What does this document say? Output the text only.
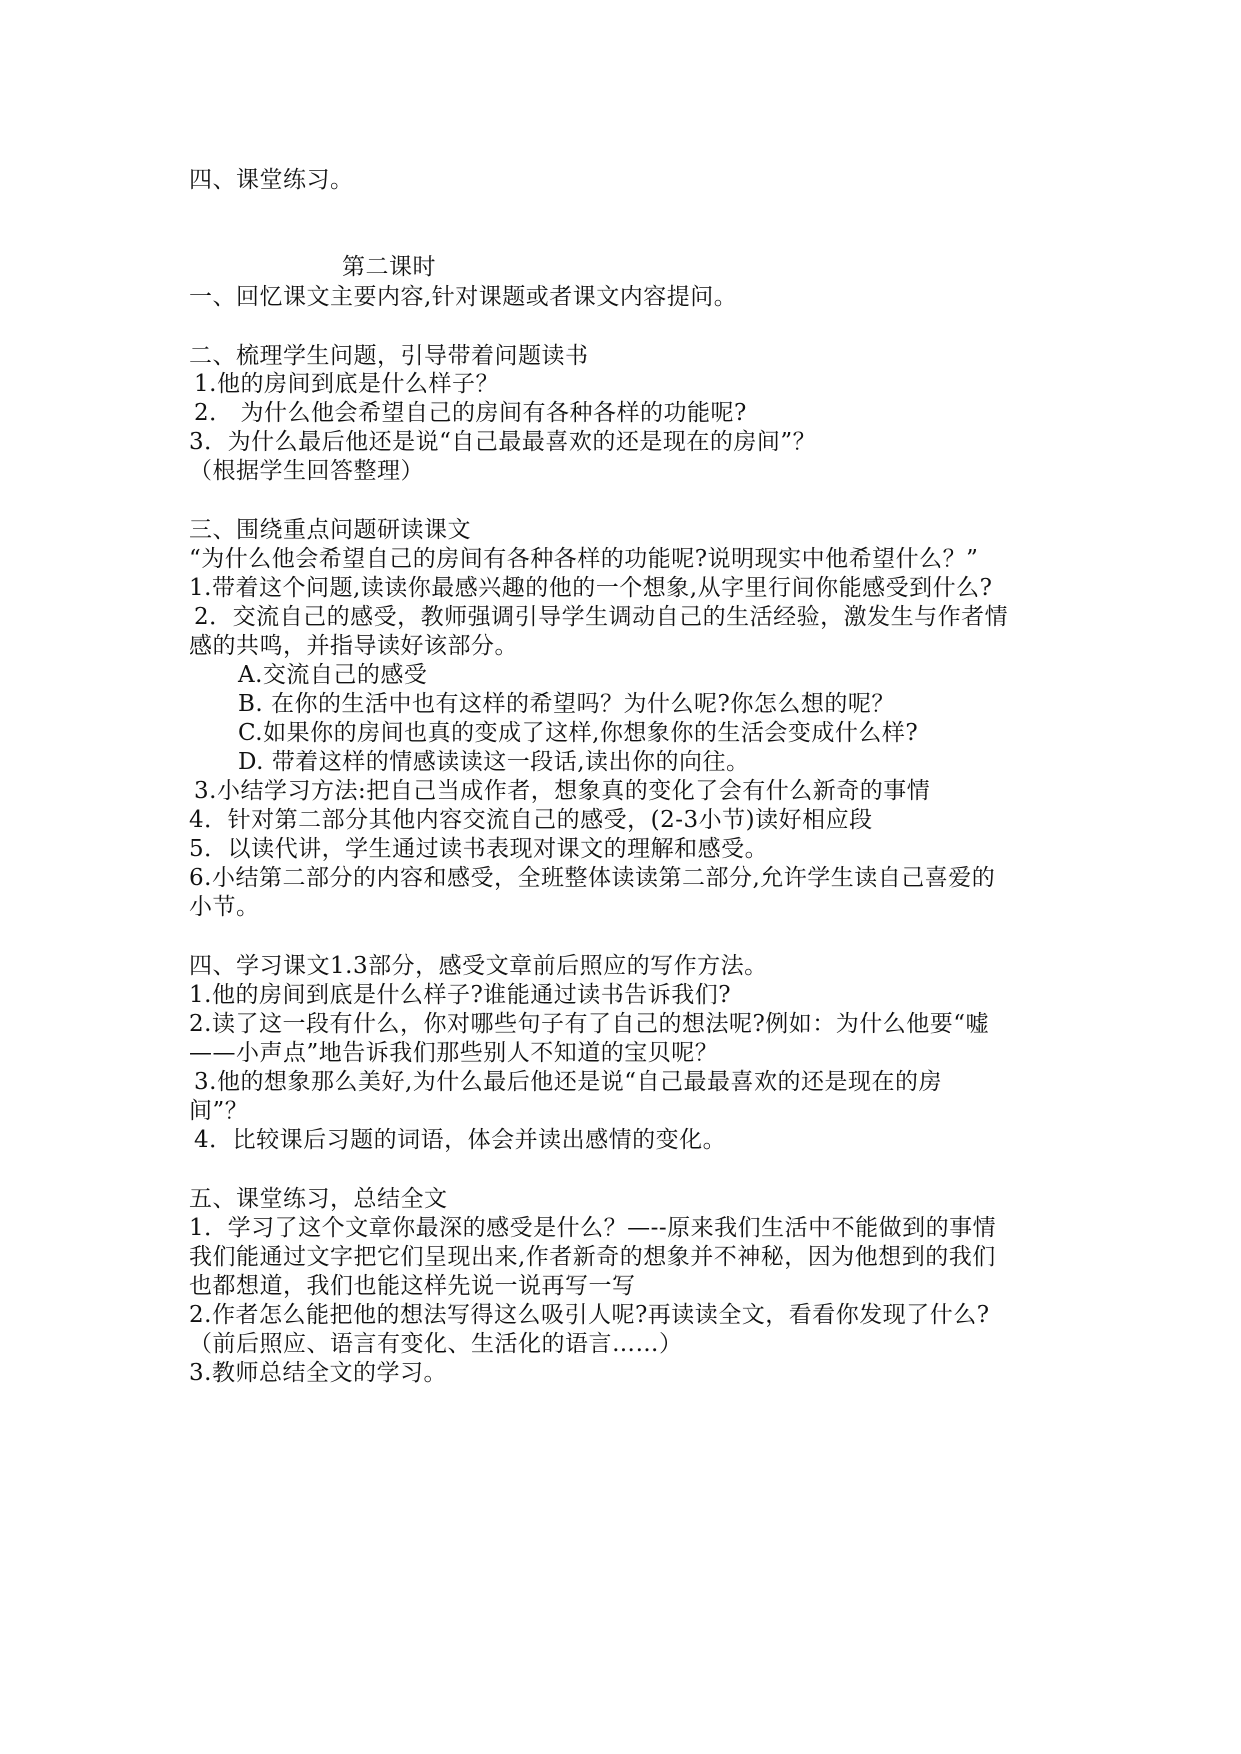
四、课堂练习。

第二课时

一、回忆课文主要内容,针对课题或者课文内容提问。

二、梳理学生问题，引导带着问题读书

1.他的房间到底是什么样子？

2． 为什么他会希望自己的房间有各种各样的功能呢?

3．为什么最后他还是说“自己最最喜欢的还是现在的房间”？

（根据学生回答整理）

三、围绕重点问题研读课文

“为什么他会希望自己的房间有各种各样的功能呢?说明现实中他希望什么？”

1.带着这个问题,读读你最感兴趣的他的一个想象,从字里行间你能感受到什么?

2．交流自己的感受，教师强调引导学生调动自己的生活经验，激发生与作者情

感的共鸣，并指导读好该部分。

A.交流自己的感受

B. 在你的生活中也有这样的希望吗？为什么呢?你怎么想的呢？

C.如果你的房间也真的变成了这样,你想象你的生活会变成什么样?

D. 带着这样的情感读读这一段话,读出你的向往。

3.小结学习方法:把自己当成作者，想象真的变化了会有什么新奇的事情

4．针对第二部分其他内容交流自己的感受，(2-3小节)读好相应段

5．以读代讲，学生通过读书表现对课文的理解和感受。

6.小结第二部分的内容和感受，全班整体读读第二部分,允许学生读自己喜爱的

小节。

四、学习课文1.3部分，感受文章前后照应的写作方法。

1.他的房间到底是什么样子?谁能通过读书告诉我们?

2.读了这一段有什么，你对哪些句子有了自己的想法呢?例如：为什么他要“嘘

——小声点”地告诉我们那些别人不知道的宝贝呢？

3.他的想象那么美好,为什么最后他还是说“自己最最喜欢的还是现在的房

间”？

4．比较课后习题的词语，体会并读出感情的变化。

五、课堂练习，总结全文

1．学习了这个文章你最深的感受是什么？—--原来我们生活中不能做到的事情

我们能通过文字把它们呈现出来,作者新奇的想象并不神秘，因为他想到的我们

也都想道，我们也能这样先说一说再写一写

2.作者怎么能把他的想法写得这么吸引人呢?再读读全文，看看你发现了什么?

（前后照应、语言有变化、生活化的语言……）

3.教师总结全文的学习。
